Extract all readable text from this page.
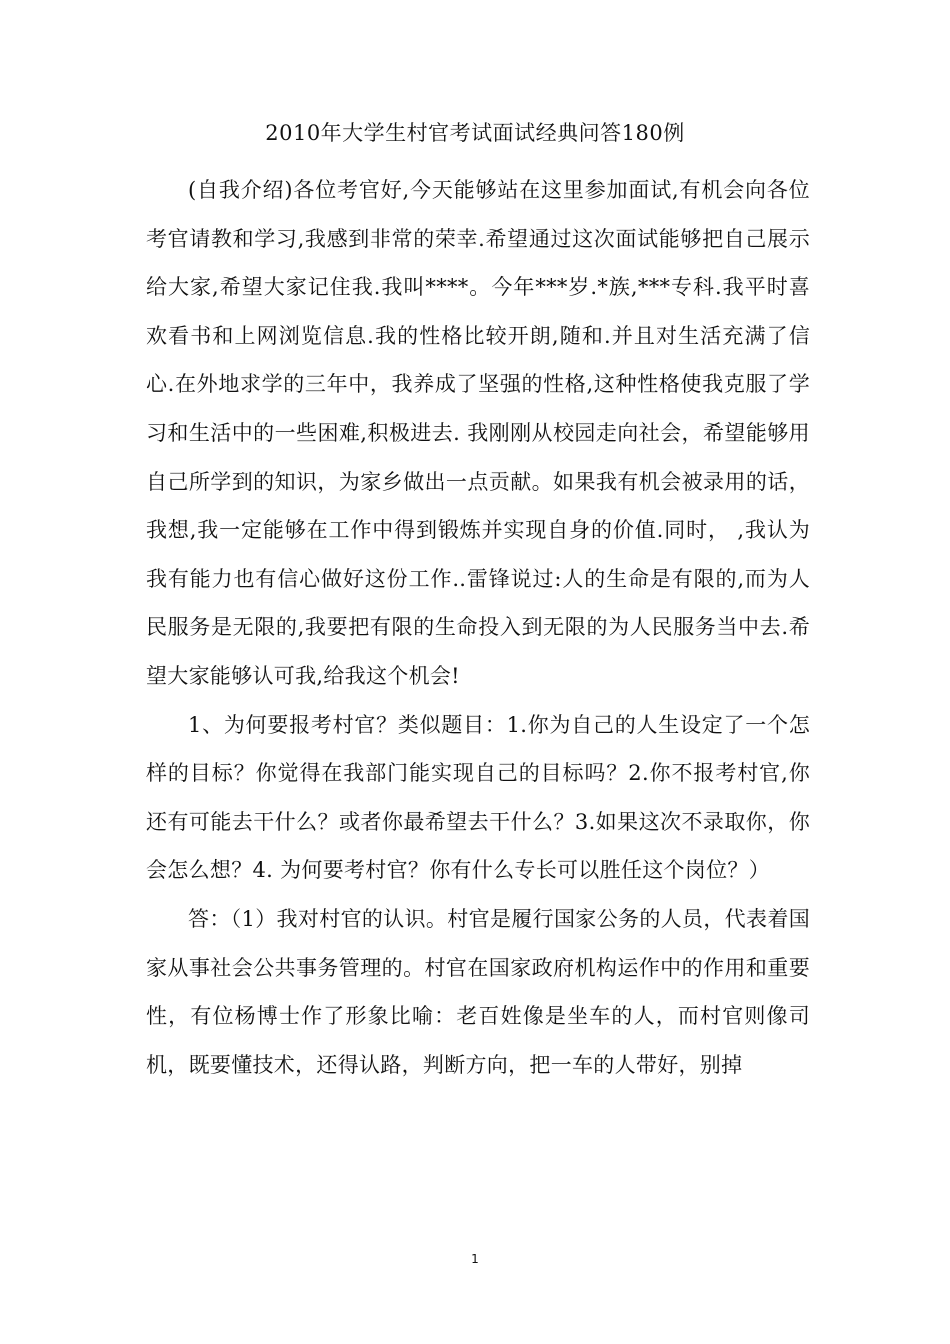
2010年大学生村官考试面试经典问答180例

(自我介绍)各位考官好,今天能够站在这里参加面试,有机会向各位考官请教和学习,我感到非常的荣幸.希望通过这次面试能够把自己展示给大家,希望大家记住我.我叫****。今年***岁.*族,***专科.我平时喜欢看书和上网浏览信息.我的性格比较开朗,随和.并且对生活充满了信心.在外地求学的三年中，我养成了坚强的性格,这种性格使我克服了学习和生活中的一些困难,积极进去. 我刚刚从校园走向社会，希望能够用自己所学到的知识，为家乡做出一点贡献。如果我有机会被录用的话，我想,我一定能够在工作中得到锻炼并实现自身的价值.同时， ,我认为我有能力也有信心做好这份工作..雷锋说过:人的生命是有限的,而为人民服务是无限的,我要把有限的生命投入到无限的为人民服务当中去.希望大家能够认可我,给我这个机会!

1、为何要报考村官？类似题目：1.你为自己的人生设定了一个怎样的目标？你觉得在我部门能实现自己的目标吗？2.你不报考村官,你还有可能去干什么？或者你最希望去干什么？3.如果这次不录取你，你会怎么想？4. 为何要考村官？你有什么专长可以胜任这个岗位？）

答：（1）我对村官的认识。村官是履行国家公务的人员，代表着国家从事社会公共事务管理的。村官在国家政府机构运作中的作用和重要性，有位杨博士作了形象比喻：老百姓像是坐车的人，而村官则像司机，既要懂技术，还得认路，判断方向，把一车的人带好，别掉

1
